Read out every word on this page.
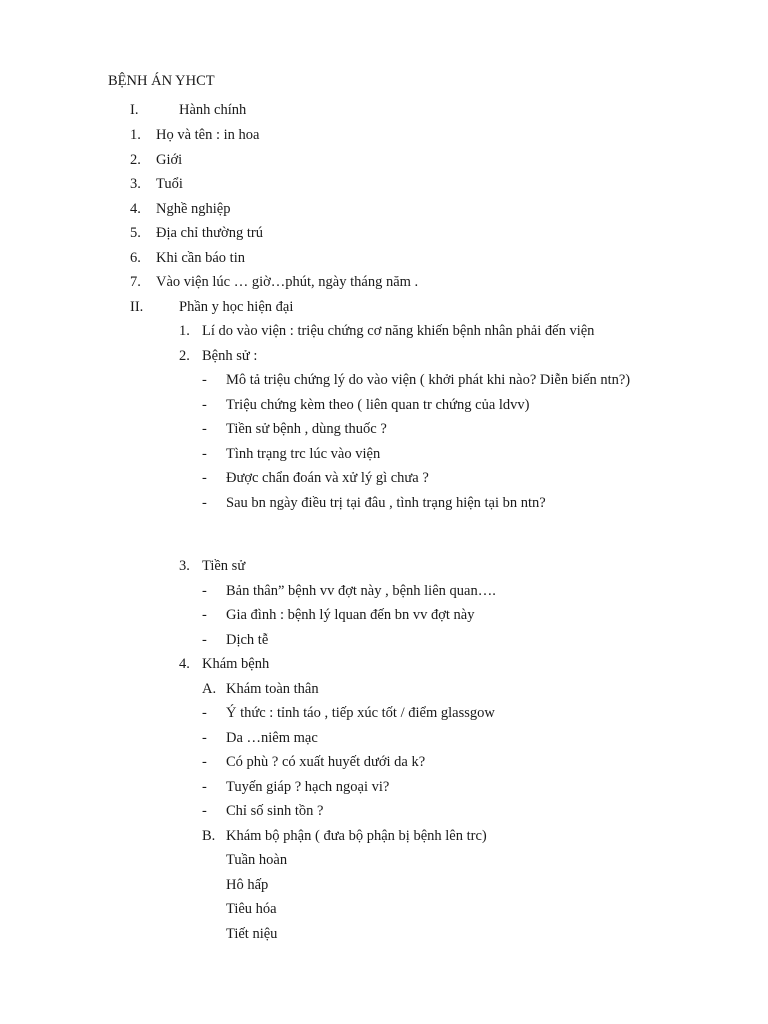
BỆNH ÁN YHCT
I.	Hành chính
1. Họ và tên : in hoa
2. Giới
3. Tuổi
4. Nghề nghiệp
5. Địa chỉ thường trú
6. Khi cần báo tin
7. Vào viện lúc … giờ…phút, ngày tháng năm .
II. Phần y học hiện đại
1. Lí do vào viện : triệu chứng cơ năng khiến bệnh nhân phải đến viện
2. Bệnh sử :
- Mô tả triệu chứng lý do vào viện ( khởi phát khi nào? Diễn biến ntn?)
- Triệu chứng kèm theo ( liên quan tr chứng của ldvv)
- Tiền sử bệnh , dùng thuốc ?
- Tình trạng trc lúc vào viện
- Được chẩn đoán và xử lý gì chưa ?
- Sau bn ngày điều trị tại đâu , tình trạng hiện tại bn ntn?
3. Tiền sử
- Bản thân” bệnh vv đợt này , bệnh liên quan….
- Gia đình : bệnh lý lquan đến bn vv đợt này
- Dịch tễ
4. Khám bệnh
A. Khám toàn thân
- Ý thức : tỉnh táo , tiếp xúc tốt / điểm glassgow
- Da …niêm mạc
- Có phù ? có xuất huyết dưới da k?
- Tuyến giáp ? hạch ngoại vi?
- Chỉ số sinh tồn ?
B. Khám bộ phận ( đưa bộ phận bị bệnh lên trc)
Tuần hoàn
Hô hấp
Tiêu hóa
Tiết niệu
